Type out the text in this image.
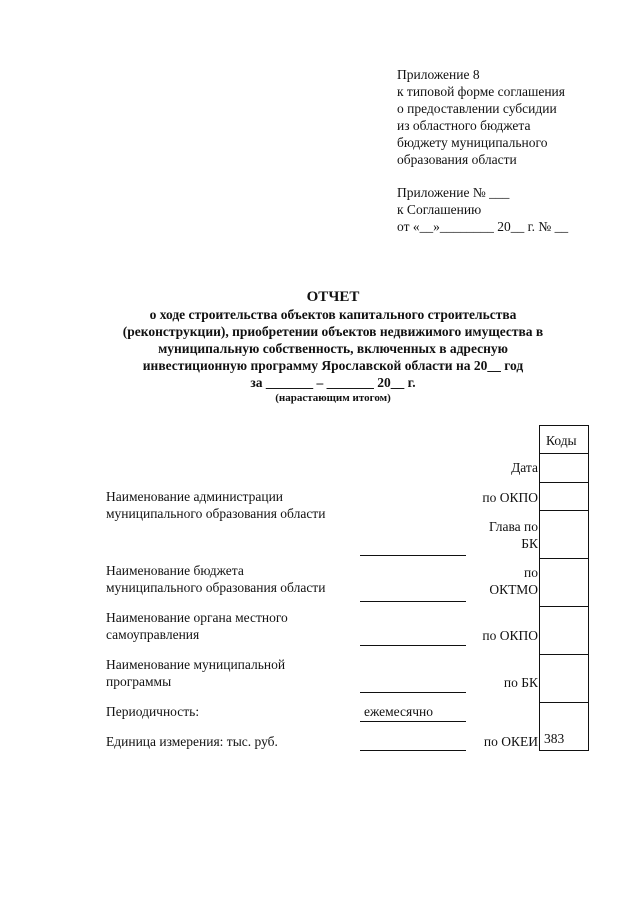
Приложение 8
к типовой форме соглашения
о предоставлении субсидии
из областного бюджета
бюджету муниципального
образования области
Приложение № ___
к Соглашению
от «__»________ 20__ г. № __
ОТЧЕТ
о ходе строительства объектов капитального строительства
(реконструкции), приобретении объектов недвижимого имущества в
муниципальную собственность, включенных в адресную
инвестиционную программу Ярославской области на 20__ год
за _______ – _______ 20__ г.
(нарастающим итогом)
Коды
383
Дата
по ОКПО
Глава по
БК
по
ОКТМО
по ОКПО
по БК
по ОКЕИ
Наименование администрации
муниципального образования области
Наименование бюджета
муниципального образования области
Наименование органа местного
самоуправления
Наименование муниципальной
программы
Периодичность:
Единица измерения: тыс. руб.
ежемесячно
